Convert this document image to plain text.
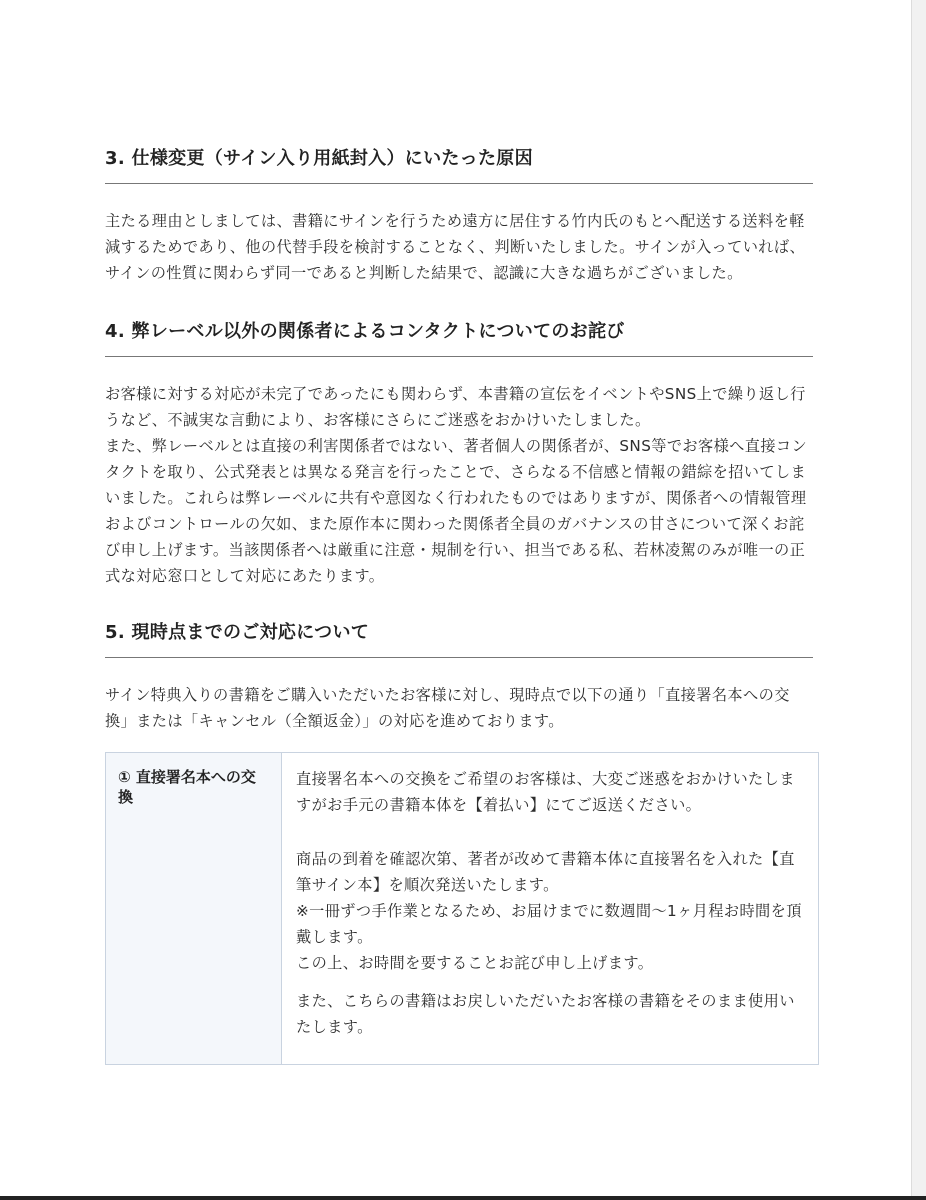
3. 仕様変更（サイン入り用紙封入）にいたった原因

主たる理由としましては、書籍にサインを行うため遠方に居住する竹内氏のもとへ配送する送料を軽減するためであり、他の代替手段を検討することなく、判断いたしました。サインが入っていれば、サインの性質に関わらず同一であると判断した結果で、認識に大きな過ちがございました。

4. 弊レーベル以外の関係者によるコンタクトについてのお詫び

お客様に対する対応が未完了であったにも関わらず、本書籍の宣伝をイベントやSNS上で繰り返し行うなど、不誠実な言動により、お客様にさらにご迷惑をおかけいたしました。

また、弊レーベルとは直接の利害関係者ではない、著者個人の関係者が、SNS等でお客様へ直接コンタクトを取り、公式発表とは異なる発言を行ったことで、さらなる不信感と情報の錯綜を招いてしまいました。これらは弊レーベルに共有や意図なく行われたものではありますが、関係者への情報管理およびコントロールの欠如、また原作本に関わった関係者全員のガバナンスの甘さについて深くお詫び申し上げます。当該関係者へは厳重に注意・規制を行い、担当である私、若林凌駕のみが唯一の正式な対応窓口として対応にあたります。

5. 現時点までのご対応について

サイン特典入りの書籍をご購入いただいたお客様に対し、現時点で以下の通り「直接署名本への交換」または「キャンセル（全額返金）」の対応を進めております。

① 直接署名本への交換

直接署名本への交換をご希望のお客様は、大変ご迷惑をおかけいたしますがお手元の書籍本体を【着払い】にてご返送ください。

商品の到着を確認次第、著者が改めて書籍本体に直接署名を入れた【直筆サイン本】を順次発送いたします。

※一冊ずつ手作業となるため、お届けまでに数週間〜1ヶ月程お時間を頂戴します。

この上、お時間を要することお詫び申し上げます。

また、こちらの書籍はお戻しいただいたお客様の書籍をそのまま使用いたします。
